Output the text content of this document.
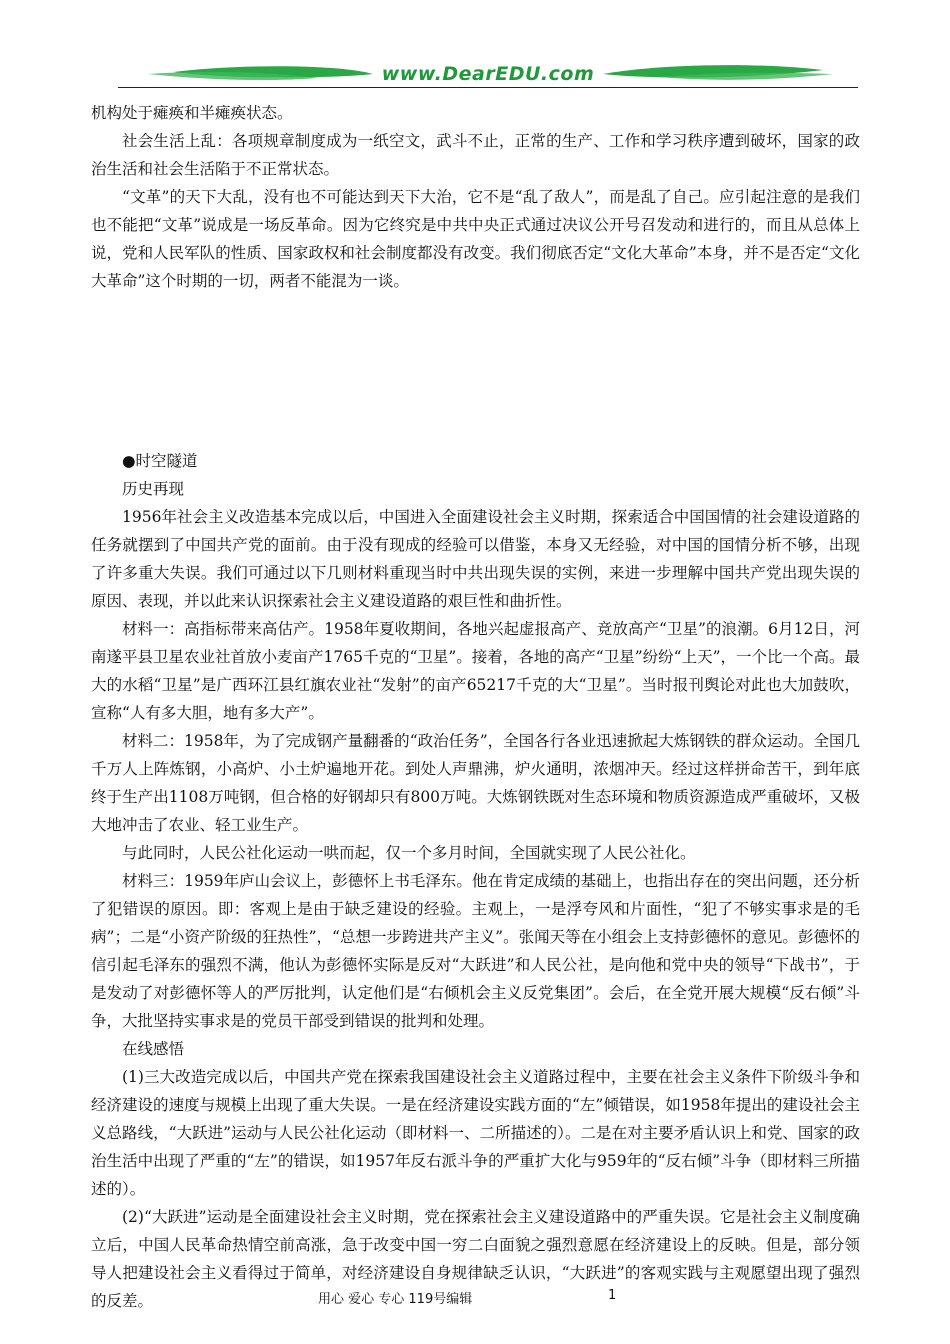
www.DearEDU.com

机构处于瘫痪和半瘫痪状态。

社会生活上乱：各项规章制度成为一纸空文，武斗不止，正常的生产、工作和学习秩序遭到破坏，国家的政治生活和社会生活陷于不正常状态。

“文革”的天下大乱，没有也不可能达到天下大治，它不是“乱了敌人”，而是乱了自己。应引起注意的是我们也不能把“文革”说成是一场反革命。因为它终究是中共中央正式通过决议公开号召发动和进行的，而且从总体上说，党和人民军队的性质、国家政权和社会制度都没有改变。我们彻底否定“文化大革命”本身，并不是否定“文化大革命”这个时期的一切，两者不能混为一谈。

●时空隧道

历史再现

1956年社会主义改造基本完成以后，中国进入全面建设社会主义时期，探索适合中国国情的社会建设道路的任务就摆到了中国共产党的面前。由于没有现成的经验可以借鉴，本身又无经验，对中国的国情分析不够，出现了许多重大失误。我们可通过以下几则材料重现当时中共出现失误的实例，来进一步理解中国共产党出现失误的原因、表现，并以此来认识探索社会主义建设道路的艰巨性和曲折性。

材料一：高指标带来高估产。1958年夏收期间，各地兴起虚报高产、竞放高产“卫星”的浪潮。6月12日，河南遂平县卫星农业社首放小麦亩产1765千克的“卫星”。接着，各地的高产“卫星”纷纷“上天”，一个比一个高。最大的水稻“卫星”是广西环江县红旗农业社“发射”的亩产65217千克的大“卫星”。当时报刊舆论对此也大加鼓吹，宣称“人有多大胆，地有多大产”。

材料二：1958年，为了完成钢产量翻番的“政治任务”，全国各行各业迅速掀起大炼钢铁的群众运动。全国几千万人上阵炼钢，小高炉、小土炉遍地开花。到处人声鼎沸，炉火通明，浓烟冲天。经过这样拼命苦干，到年底终于生产出1108万吨钢，但合格的好钢却只有800万吨。大炼钢铁既对生态环境和物质资源造成严重破坏，又极大地冲击了农业、轻工业生产。

与此同时，人民公社化运动一哄而起，仅一个多月时间，全国就实现了人民公社化。

材料三：1959年庐山会议上，彭德怀上书毛泽东。他在肯定成绩的基础上，也指出存在的突出问题，还分析了犯错误的原因。即：客观上是由于缺乏建设的经验。主观上，一是浮夸风和片面性，“犯了不够实事求是的毛病”；二是“小资产阶级的狂热性”，“总想一步跨进共产主义”。张闻天等在小组会上支持彭德怀的意见。彭德怀的信引起毛泽东的强烈不满，他认为彭德怀实际是反对“大跃进”和人民公社，是向他和党中央的领导“下战书”，于是发动了对彭德怀等人的严厉批判，认定他们是“右倾机会主义反党集团”。会后，在全党开展大规模“反右倾”斗争，大批坚持实事求是的党员干部受到错误的批判和处理。

在线感悟

(1)三大改造完成以后，中国共产党在探索我国建设社会主义道路过程中，主要在社会主义条件下阶级斗争和经济建设的速度与规模上出现了重大失误。一是在经济建设实践方面的“左”倾错误，如1958年提出的建设社会主义总路线，“大跃进”运动与人民公社化运动（即材料一、二所描述的）。二是在对主要矛盾认识上和党、国家的政治生活中出现了严重的“左”的错误，如1957年反右派斗争的严重扩大化与959年的“反右倾”斗争（即材料三所描述的）。

(2)“大跃进”运动是全面建设社会主义时期，党在探索社会主义建设道路中的严重失误。它是社会主义制度确立后，中国人民革命热情空前高涨，急于改变中国一穷二白面貌之强烈意愿在经济建设上的反映。但是，部分领导人把建设社会主义看得过于简单，对经济建设自身规律缺乏认识，“大跃进”的客观实践与主观愿望出现了强烈的反差。	用心 爱心 专心 119号编辑	1
